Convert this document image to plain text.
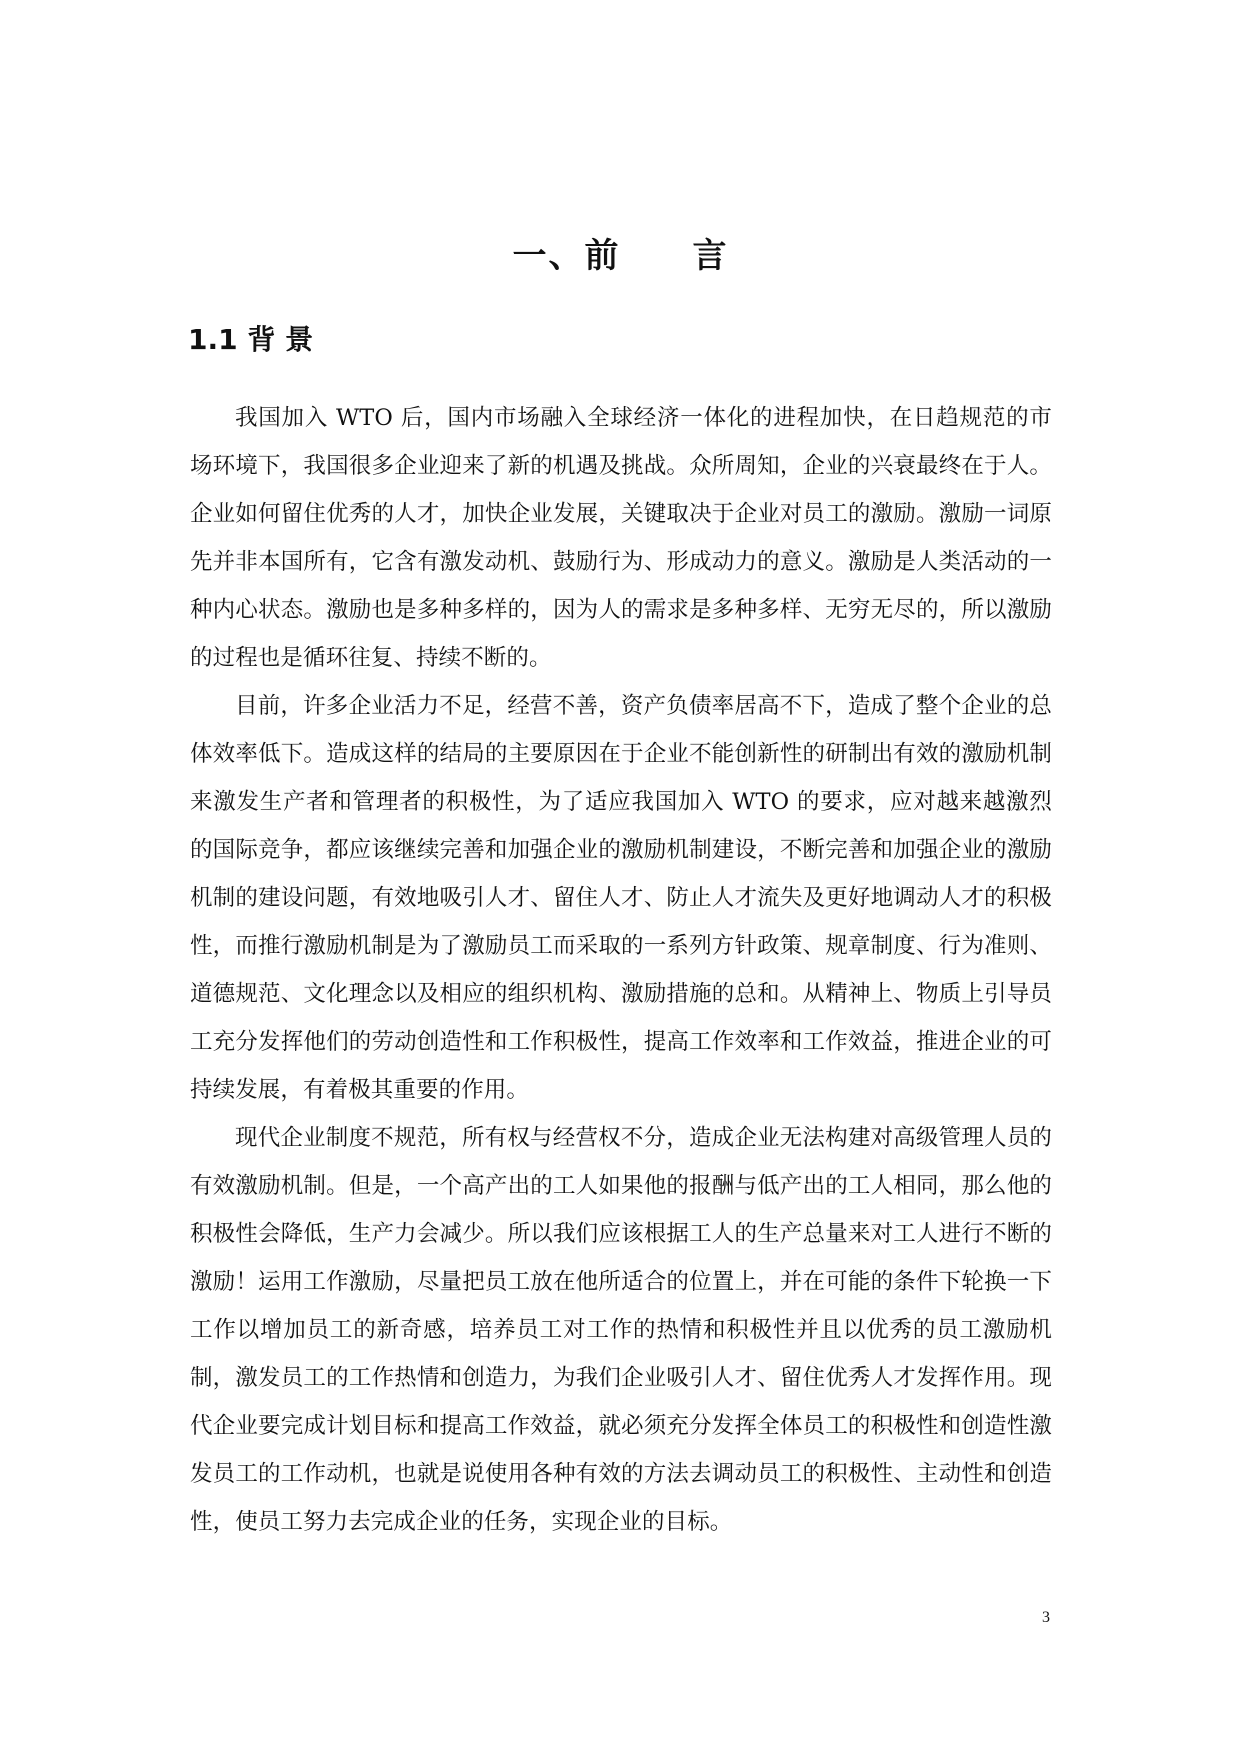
一、前　　言
1.1 背 景

我国加入 WTO 后，国内市场融入全球经济一体化的进程加快，在日趋规范的市场环境下，我国很多企业迎来了新的机遇及挑战。众所周知，企业的兴衰最终在于人。企业如何留住优秀的人才，加快企业发展，关键取决于企业对员工的激励。激励一词原先并非本国所有，它含有激发动机、鼓励行为、形成动力的意义。激励是人类活动的一种内心状态。激励也是多种多样的，因为人的需求是多种多样、无穷无尽的，所以激励的过程也是循环往复、持续不断的。

目前，许多企业活力不足，经营不善，资产负债率居高不下，造成了整个企业的总体效率低下。造成这样的结局的主要原因在于企业不能创新性的研制出有效的激励机制来激发生产者和管理者的积极性，为了适应我国加入 WTO 的要求，应对越来越激烈的国际竞争，都应该继续完善和加强企业的激励机制建设，不断完善和加强企业的激励机制的建设问题，有效地吸引人才、留住人才、防止人才流失及更好地调动人才的积极性，而推行激励机制是为了激励员工而采取的一系列方针政策、规章制度、行为准则、道德规范、文化理念以及相应的组织机构、激励措施的总和。从精神上、物质上引导员工充分发挥他们的劳动创造性和工作积极性，提高工作效率和工作效益，推进企业的可持续发展，有着极其重要的作用。

现代企业制度不规范，所有权与经营权不分，造成企业无法构建对高级管理人员的有效激励机制。但是，一个高产出的工人如果他的报酬与低产出的工人相同，那么他的积极性会降低，生产力会减少。所以我们应该根据工人的生产总量来对工人进行不断的激励！运用工作激励，尽量把员工放在他所适合的位置上，并在可能的条件下轮换一下工作以增加员工的新奇感，培养员工对工作的热情和积极性并且以优秀的员工激励机制，激发员工的工作热情和创造力，为我们企业吸引人才、留住优秀人才发挥作用。现代企业要完成计划目标和提高工作效益，就必须充分发挥全体员工的积极性和创造性激发员工的工作动机，也就是说使用各种有效的方法去调动员工的积极性、主动性和创造性，使员工努力去完成企业的任务，实现企业的目标。

3
